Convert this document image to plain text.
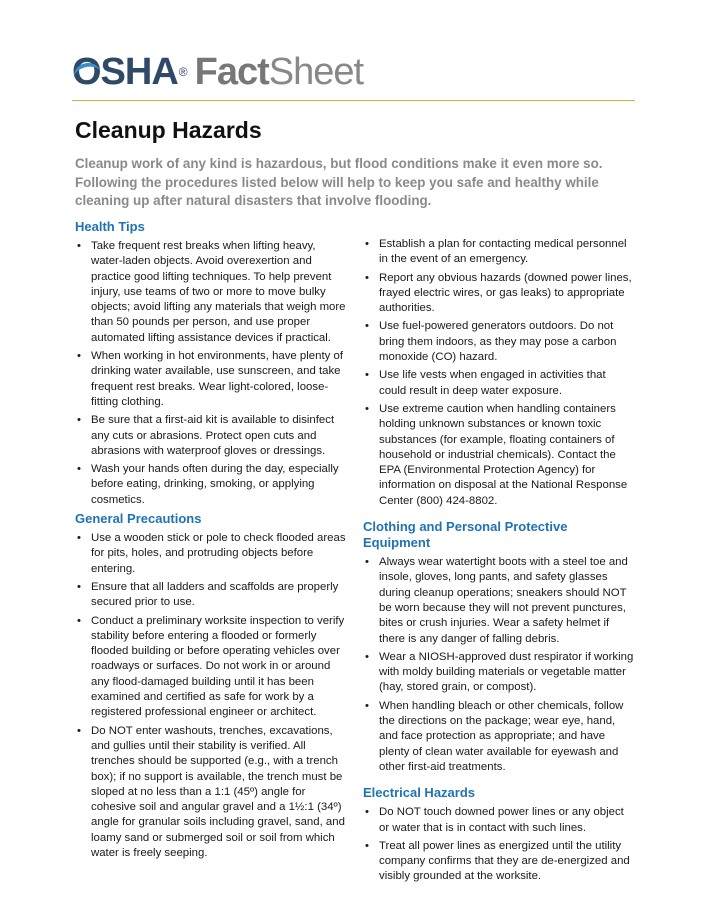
OSHA® Fact Sheet
Cleanup Hazards

Cleanup work of any kind is hazardous, but flood conditions make it even more so. Following the procedures listed below will help to keep you safe and healthy while cleaning up after natural disasters that involve flooding.

Health Tips
• Take frequent rest breaks when lifting heavy, water-laden objects. Avoid overexertion and practice good lifting techniques. To help prevent injury, use teams of two or more to move bulky objects; avoid lifting any materials that weigh more than 50 pounds per person, and use proper automated lifting assistance devices if practical.
• When working in hot environments, have plenty of drinking water available, use sunscreen, and take frequent rest breaks. Wear light-colored, loose-fitting clothing.
• Be sure that a first-aid kit is available to disinfect any cuts or abrasions. Protect open cuts and abrasions with waterproof gloves or dressings.
• Wash your hands often during the day, especially before eating, drinking, smoking, or applying cosmetics.
General Precautions
• Use a wooden stick or pole to check flooded areas for pits, holes, and protruding objects before entering.
• Ensure that all ladders and scaffolds are properly secured prior to use.
• Conduct a preliminary worksite inspection to verify stability before entering a flooded or formerly flooded building or before operating vehicles over roadways or surfaces. Do not work in or around any flood-damaged building until it has been examined and certified as safe for work by a registered professional engineer or architect.
• Do NOT enter washouts, trenches, excavations, and gullies until their stability is verified. All trenches should be supported (e.g., with a trench box); if no support is available, the trench must be sloped at no less than a 1:1 (45º) angle for cohesive soil and angular gravel and a 1½:1 (34º) angle for granular soils including gravel, sand, and loamy sand or submerged soil or soil from which water is freely seeping.
• Establish a plan for contacting medical personnel in the event of an emergency.
• Report any obvious hazards (downed power lines, frayed electric wires, or gas leaks) to appropriate authorities.
• Use fuel-powered generators outdoors. Do not bring them indoors, as they may pose a carbon monoxide (CO) hazard.
• Use life vests when engaged in activities that could result in deep water exposure.
• Use extreme caution when handling containers holding unknown substances or known toxic substances (for example, floating containers of household or industrial chemicals). Contact the EPA (Environmental Protection Agency) for information on disposal at the National Response Center (800) 424-8802.
Clothing and Personal Protective Equipment
• Always wear watertight boots with a steel toe and insole, gloves, long pants, and safety glasses during cleanup operations; sneakers should NOT be worn because they will not prevent punctures, bites or crush injuries. Wear a safety helmet if there is any danger of falling debris.
• Wear a NIOSH-approved dust respirator if working with moldy building materials or vegetable matter (hay, stored grain, or compost).
• When handling bleach or other chemicals, follow the directions on the package; wear eye, hand, and face protection as appropriate; and have plenty of clean water available for eyewash and other first-aid treatments.
Electrical Hazards
• Do NOT touch downed power lines or any object or water that is in contact with such lines.
• Treat all power lines as energized until the utility company confirms that they are de-energized and visibly grounded at the worksite.
